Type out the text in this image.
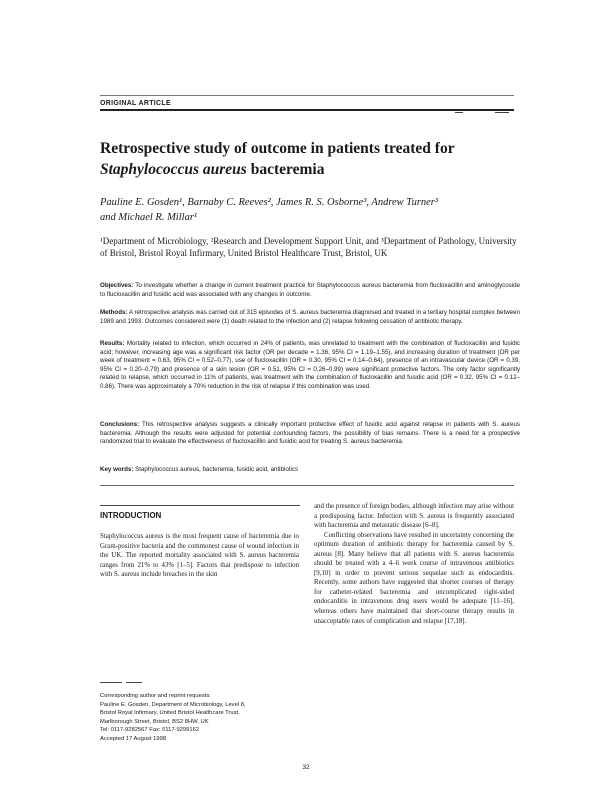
ORIGINAL ARTICLE
Retrospective study of outcome in patients treated for
Staphylococcus aureus bacteremia
Pauline E. Gosden¹, Barnaby C. Reeves², James R. S. Osborne³, Andrew Turner³
and Michael R. Millar¹
¹Department of Microbiology, ²Research and Development Support Unit, and ³Department of Pathology, University of Bristol, Bristol Royal Infirmary, United Bristol Healthcare Trust, Bristol, UK
Objectives: To investigate whether a change in current treatment practice for Staphylococcus aureus bacteremia from flucloxacillin and aminoglycoside to flucloxacillin and fusidic acid was associated with any changes in outcome.
Methods: A retrospective analysis was carried out of 315 episodes of S. aureus bacteremia diagnosed and treated in a tertiary hospital complex between 1989 and 1993. Outcomes considered were (1) death related to the infection and (2) relapse following cessation of antibiotic therapy.
Results: Mortality related to infection, which occurred in 24% of patients, was unrelated to treatment with the combination of flucloxacillin and fusidic acid; however, increasing age was a significant risk factor (OR per decade = 1.36, 95% CI = 1.19–1.55), and increasing duration of treatment (OR per week of treatment = 0.63, 95% CI = 0.52–0.77), use of flucloxacillin (OR = 0.30, 95% CI = 0.14–0.64), presence of an intravascular device (OR = 0.39, 95% CI = 0.20–0.79) and presence of a skin lesion (OR = 0.51, 95% CI = 0.26–0.99) were significant protective factors. The only factor significantly related to relapse, which occurred in 11% of patients, was treatment with the combination of flucloxacillin and fusidic acid (OR = 0.32, 95% CI = 0.12–0.86). There was approximately a 70% reduction in the risk of relapse if this combination was used.
Conclusions: This retrospective analysis suggests a clinically important protective effect of fusidic acid against relapse in patients with S. aureus bacteremia. Although the results were adjusted for potential confounding factors, the possibility of bias remains. There is a need for a prospective randomized trial to evaluate the effectiveness of flucloxacillin and fusidic acid for treating S. aureus bacteremia.
Key words: Staphylococcus aureus, bacteremia, fusidic acid, antibiotics
INTRODUCTION
Staphylococcus aureus is the most frequent cause of bacteremia due to Gram-positive bacteria and the commonest cause of wound infection in the UK. The reported mortality associated with S. aureus bacteremia ranges from 21% to 43% [1–5]. Factors that predispose to infection with S. aureus include breaches in the skin
and the presence of foreign bodies, although infection may arise without a predisposing factor. Infection with S. aureus is frequently associated with bacteremia and metastatic disease [6–8].
Conflicting observations have resulted in uncertainty concerning the optimum duration of antibiotic therapy for bacteremia caused by S. aureus [8]. Many believe that all patients with S. aureus bacteremia should be treated with a 4–6 week course of intravenous antibiotics [9,10] in order to prevent serious sequelae such as endocarditis. Recently, some authors have suggested that shorter courses of therapy for catheter-related bacteremia and uncomplicated right-sided endocarditis in intravenous drug users would be adequate [11–16], whereas others have maintained that short-course therapy results in unacceptable rates of complication and relapse [17,18].
Corresponding author and reprint requests:
Pauline E. Gosden, Department of Microbiology, Level 8,
Bristol Royal Infirmary, United Bristol Healthcare Trust,
Marlborough Street, Bristol, BS2 8HW, UK
Tel: 0117-9282567 Fax: 0117-9299162
Accepted 17 August 1998
32
